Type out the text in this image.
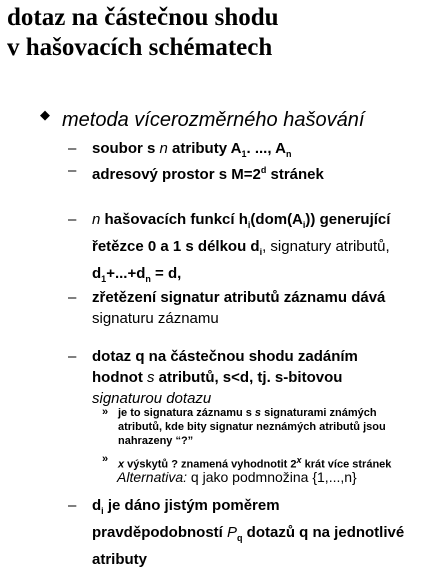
dotaz na částečnou shodu
v hašovacích schématech
◆ metoda vícerozměrného hašování
– soubor s n atributy $A_1$. ..., $A_n$
– adresový prostor s $M=2^d$ stránek
– n hašovacích funkcí $h_i(dom(A_i))$ generující
řetězce 0 a 1 s délkou $d_i$, signatury atributů,
$d_1+...+d_n = d$,
– zřetězení signatur atributů záznamu dává
signaturu záznamu
– dotaz q na částečnou shodu zadáním
hodnot s atributů, s<d, tj. s-bitovou
signaturou dotazu
» je to signatura záznamu s s signaturami známých
atributů, kde bity signatur neznámých atributů jsou
nahrazeny “?”
» x výskytů ? znamená vyhodnotit 2$^x$ krát více stránek
Alternativa: q jako podmnožina {1,...,n}
– $d_i$ je dáno jistým poměrem
pravděpodobností $P_q$ dotazů q na jednotlivé
atributy
